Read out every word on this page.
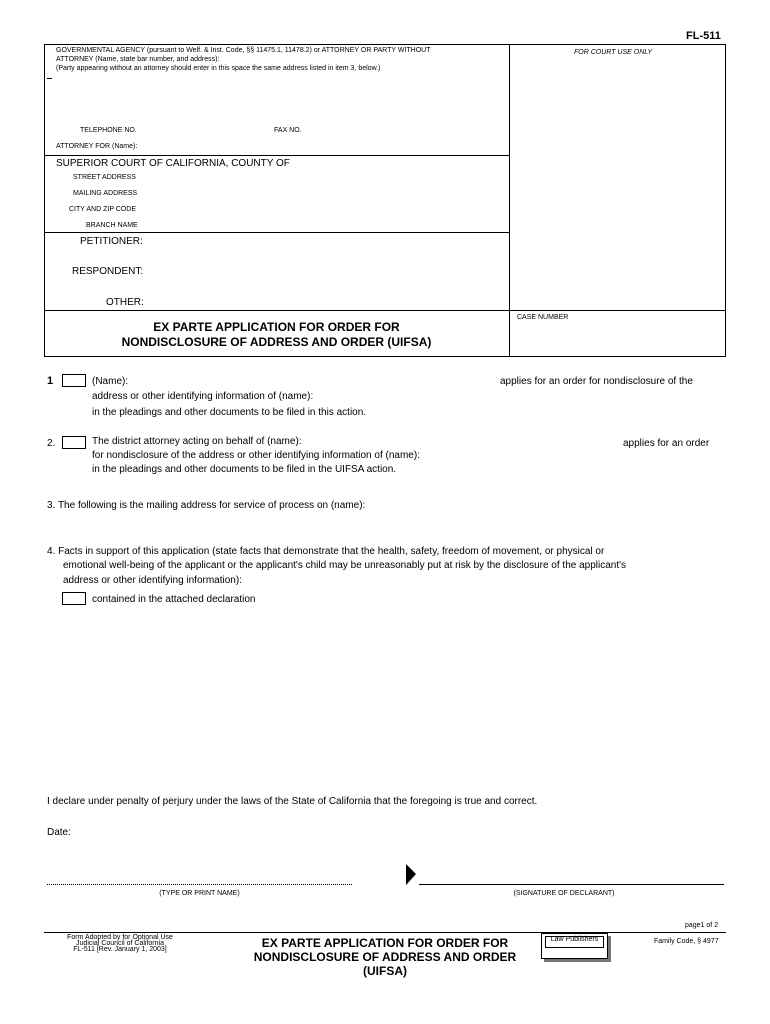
FL-511
GOVERNMENTAL AGENCY (pursuant to Welf. & Inst. Code, §§ 11475.1, 11478.2) or ATTORNEY OR PARTY WITHOUT
ATTORNEY (Name, state bar number, and address):
(Party appearing without an attorney should enter in this space the same address listed in item 3, below.)
FOR COURT USE ONLY
TELEPHONE NO.	FAX NO.
ATTORNEY FOR (Name):
SUPERIOR COURT OF CALIFORNIA, COUNTY OF
STREET ADDRESS
MAILING ADDRESS
CITY AND ZIP CODE
BRANCH NAME
PETITIONER:
RESPONDENT:
OTHER:
EX PARTE APPLICATION FOR ORDER FOR
NONDISCLOSURE OF ADDRESS AND ORDER (UIFSA)
CASE NUMBER
1	(Name):	applies for an order for nondisclosure of the
address or other identifying information of (name):
in the pleadings and other documents to be filed in this action.
2.	The district attorney acting on behalf of (name):	applies for an order
for nondisclosure of the address or other identifying information of (name):
in the pleadings and other documents to be filed in the UIFSA action.
3. The following is the mailing address for service of process on (name):
4. Facts in support of this application (state facts that demonstrate that the health, safety, freedom of movement, or physical or
emotional well-being of the applicant or the applicant's child may be unreasonably put at risk by the disclosure of the applicant's
address or other identifying information):
contained in the attached declaration
I declare under penalty of perjury under the laws of the State of California that the foregoing is true and correct.
Date:
(TYPE OR PRINT NAME)	(SIGNATURE OF DECLARANT)
page1 of 2
Form Adopted by for Optional Use
Judicial Council of California
FL-511 [Rev. January 1, 2003]	EX PARTE APPLICATION FOR ORDER FOR
NONDISCLOSURE OF ADDRESS AND ORDER
(UIFSA)
Law Publishers	Family Code, § 4977
